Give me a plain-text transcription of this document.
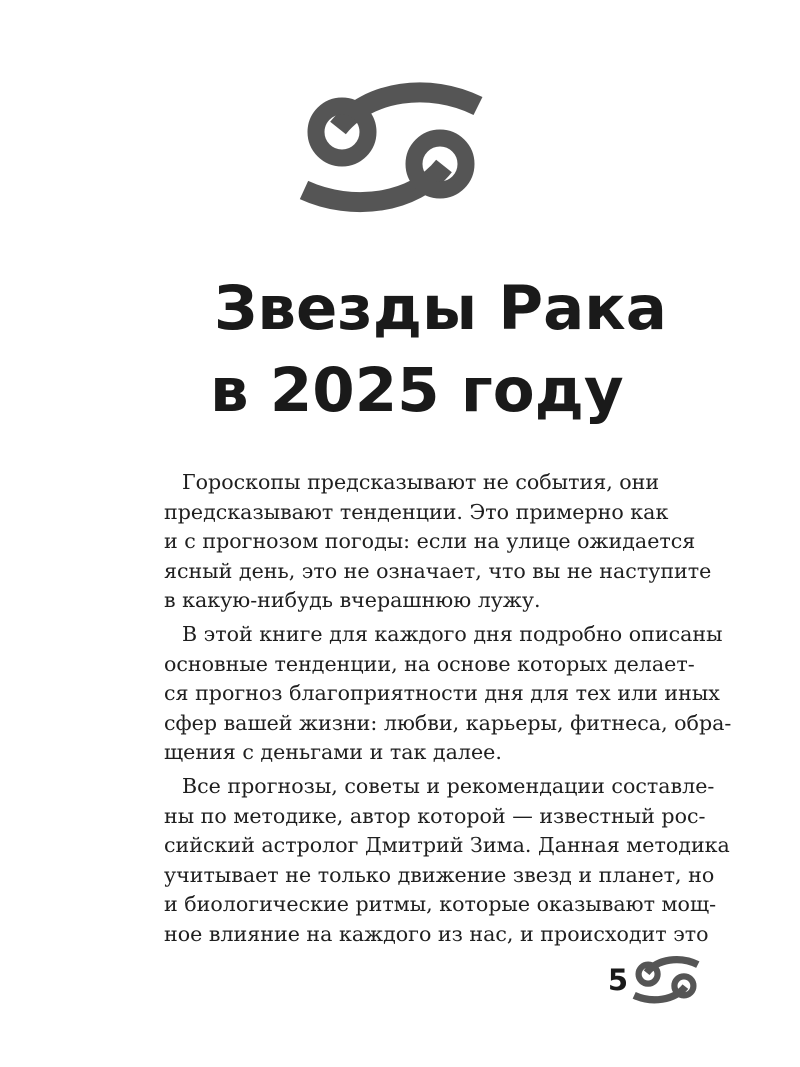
Звезды Рака
в 2025 году

Гороскопы предсказывают не события, они
предсказывают тенденции. Это примерно как
и с прогнозом погоды: если на улице ожидается
ясный день, это не означает, что вы не наступите
в какую-нибудь вчерашнюю лужу.

В этой книге для каждого дня подробно описаны
основные тенденции, на основе которых делает-
ся прогноз благоприятности дня для тех или иных
сфер вашей жизни: любви, карьеры, фитнеса, обра-
щения с деньгами и так далее.

Все прогнозы, советы и рекомендации составле-
ны по методике, автор которой — известный рос-
сийский астролог Дмитрий Зима. Данная методика
учитывает не только движение звезд и планет, но
и биологические ритмы, которые оказывают мощ-
ное влияние на каждого из нас, и происходит это

5
